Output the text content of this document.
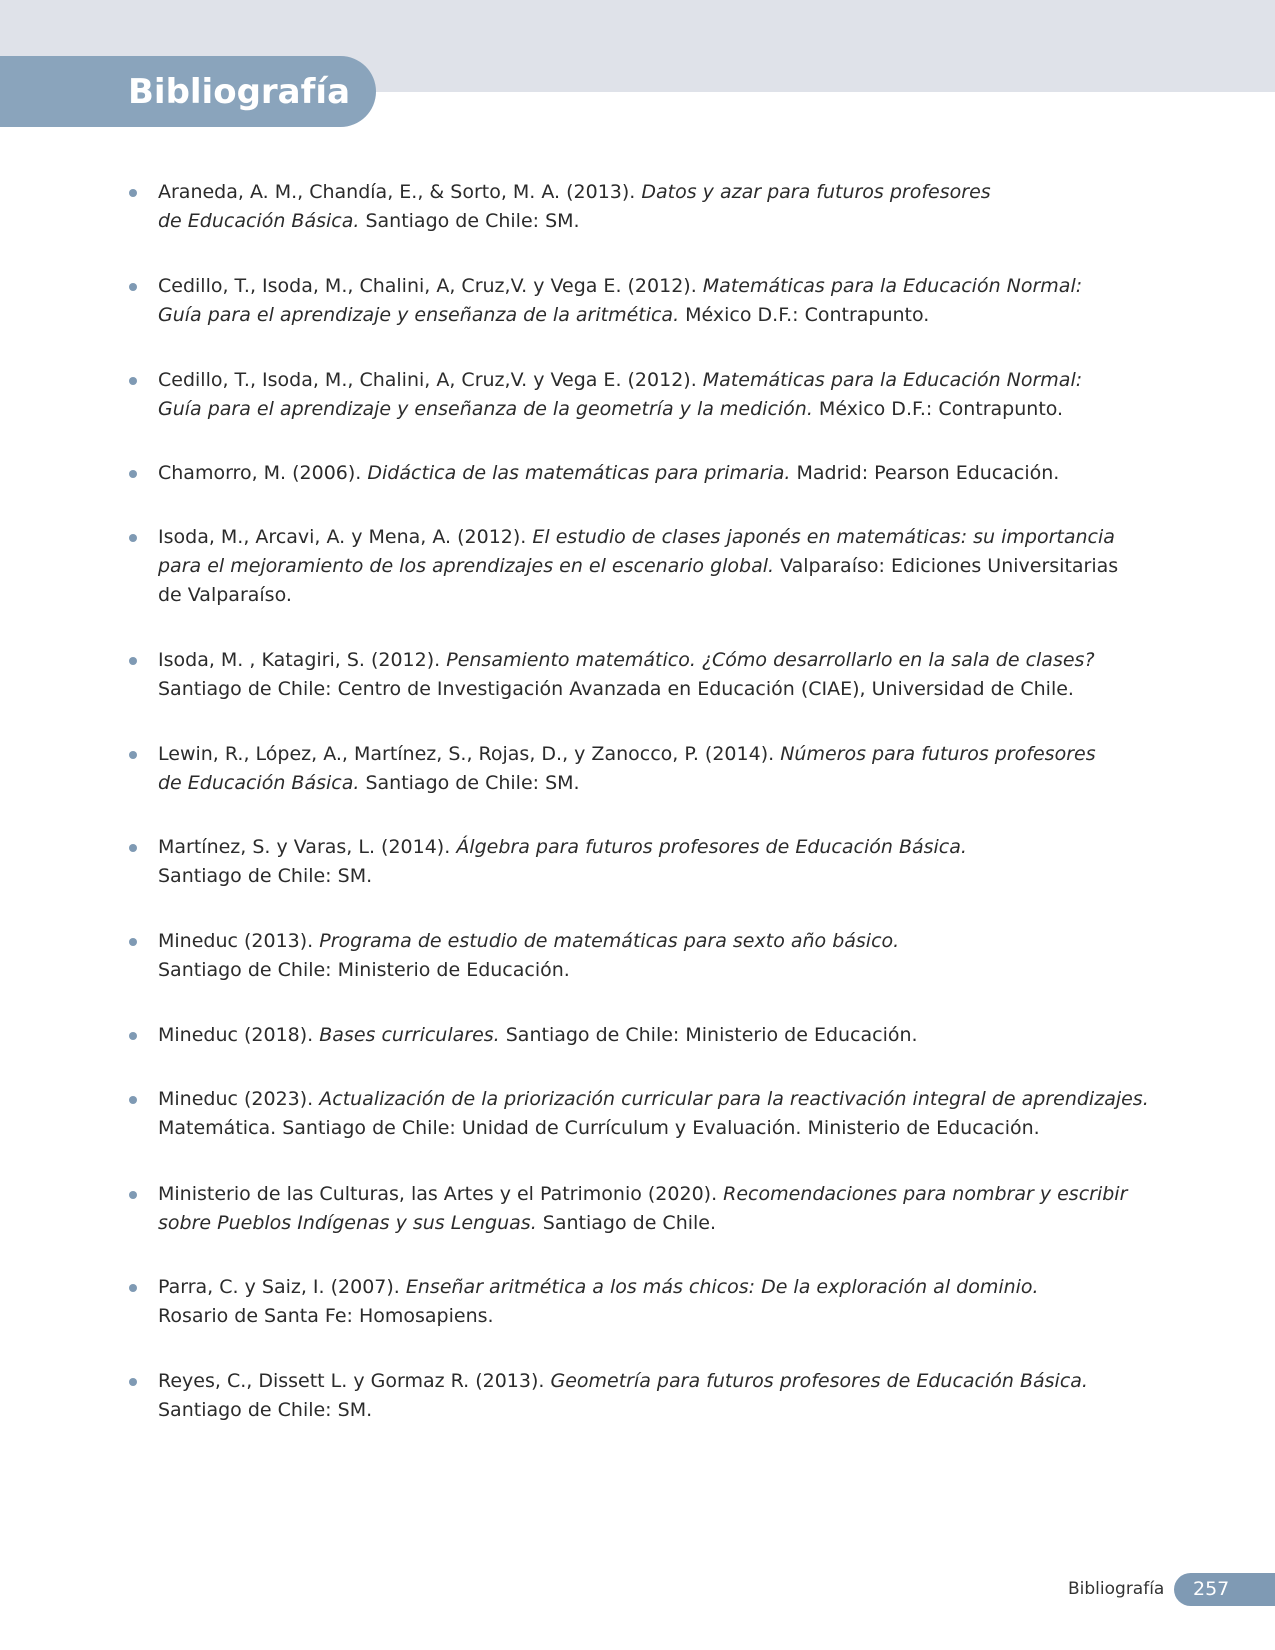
Bibliografía
Araneda, A. M., Chandía, E., & Sorto, M. A. (2013). Datos y azar para futuros profesores
de Educación Básica. Santiago de Chile: SM.
Cedillo, T., Isoda, M., Chalini, A, Cruz,V. y Vega E. (2012). Matemáticas para la Educación Normal:
Guía para el aprendizaje y enseñanza de la aritmética. México D.F.: Contrapunto.
Cedillo, T., Isoda, M., Chalini, A, Cruz,V. y Vega E. (2012). Matemáticas para la Educación Normal:
Guía para el aprendizaje y enseñanza de la geometría y la medición. México D.F.: Contrapunto.
Chamorro, M. (2006). Didáctica de las matemáticas para primaria. Madrid: Pearson Educación.
Isoda, M., Arcavi, A. y Mena, A. (2012). El estudio de clases japonés en matemáticas: su importancia
para el mejoramiento de los aprendizajes en el escenario global. Valparaíso: Ediciones Universitarias
de Valparaíso.
Isoda, M. , Katagiri, S. (2012). Pensamiento matemático. ¿Cómo desarrollarlo en la sala de clases?
Santiago de Chile: Centro de Investigación Avanzada en Educación (CIAE), Universidad de Chile.
Lewin, R., López, A., Martínez, S., Rojas, D., y Zanocco, P. (2014). Números para futuros profesores
de Educación Básica. Santiago de Chile: SM.
Martínez, S. y Varas, L. (2014). Álgebra para futuros profesores de Educación Básica.
Santiago de Chile: SM.
Mineduc (2013). Programa de estudio de matemáticas para sexto año básico.
Santiago de Chile: Ministerio de Educación.
Mineduc (2018). Bases curriculares. Santiago de Chile: Ministerio de Educación.
Mineduc (2023). Actualización de la priorización curricular para la reactivación integral de aprendizajes.
Matemática. Santiago de Chile: Unidad de Currículum y Evaluación. Ministerio de Educación.
Ministerio de las Culturas, las Artes y el Patrimonio (2020). Recomendaciones para nombrar y escribir
sobre Pueblos Indígenas y sus Lenguas. Santiago de Chile.
Parra, C. y Saiz, I. (2007). Enseñar aritmética a los más chicos: De la exploración al dominio.
Rosario de Santa Fe: Homosapiens.
Reyes, C., Dissett L. y Gormaz R. (2013). Geometría para futuros profesores de Educación Básica.
Santiago de Chile: SM.
Bibliografía 257
